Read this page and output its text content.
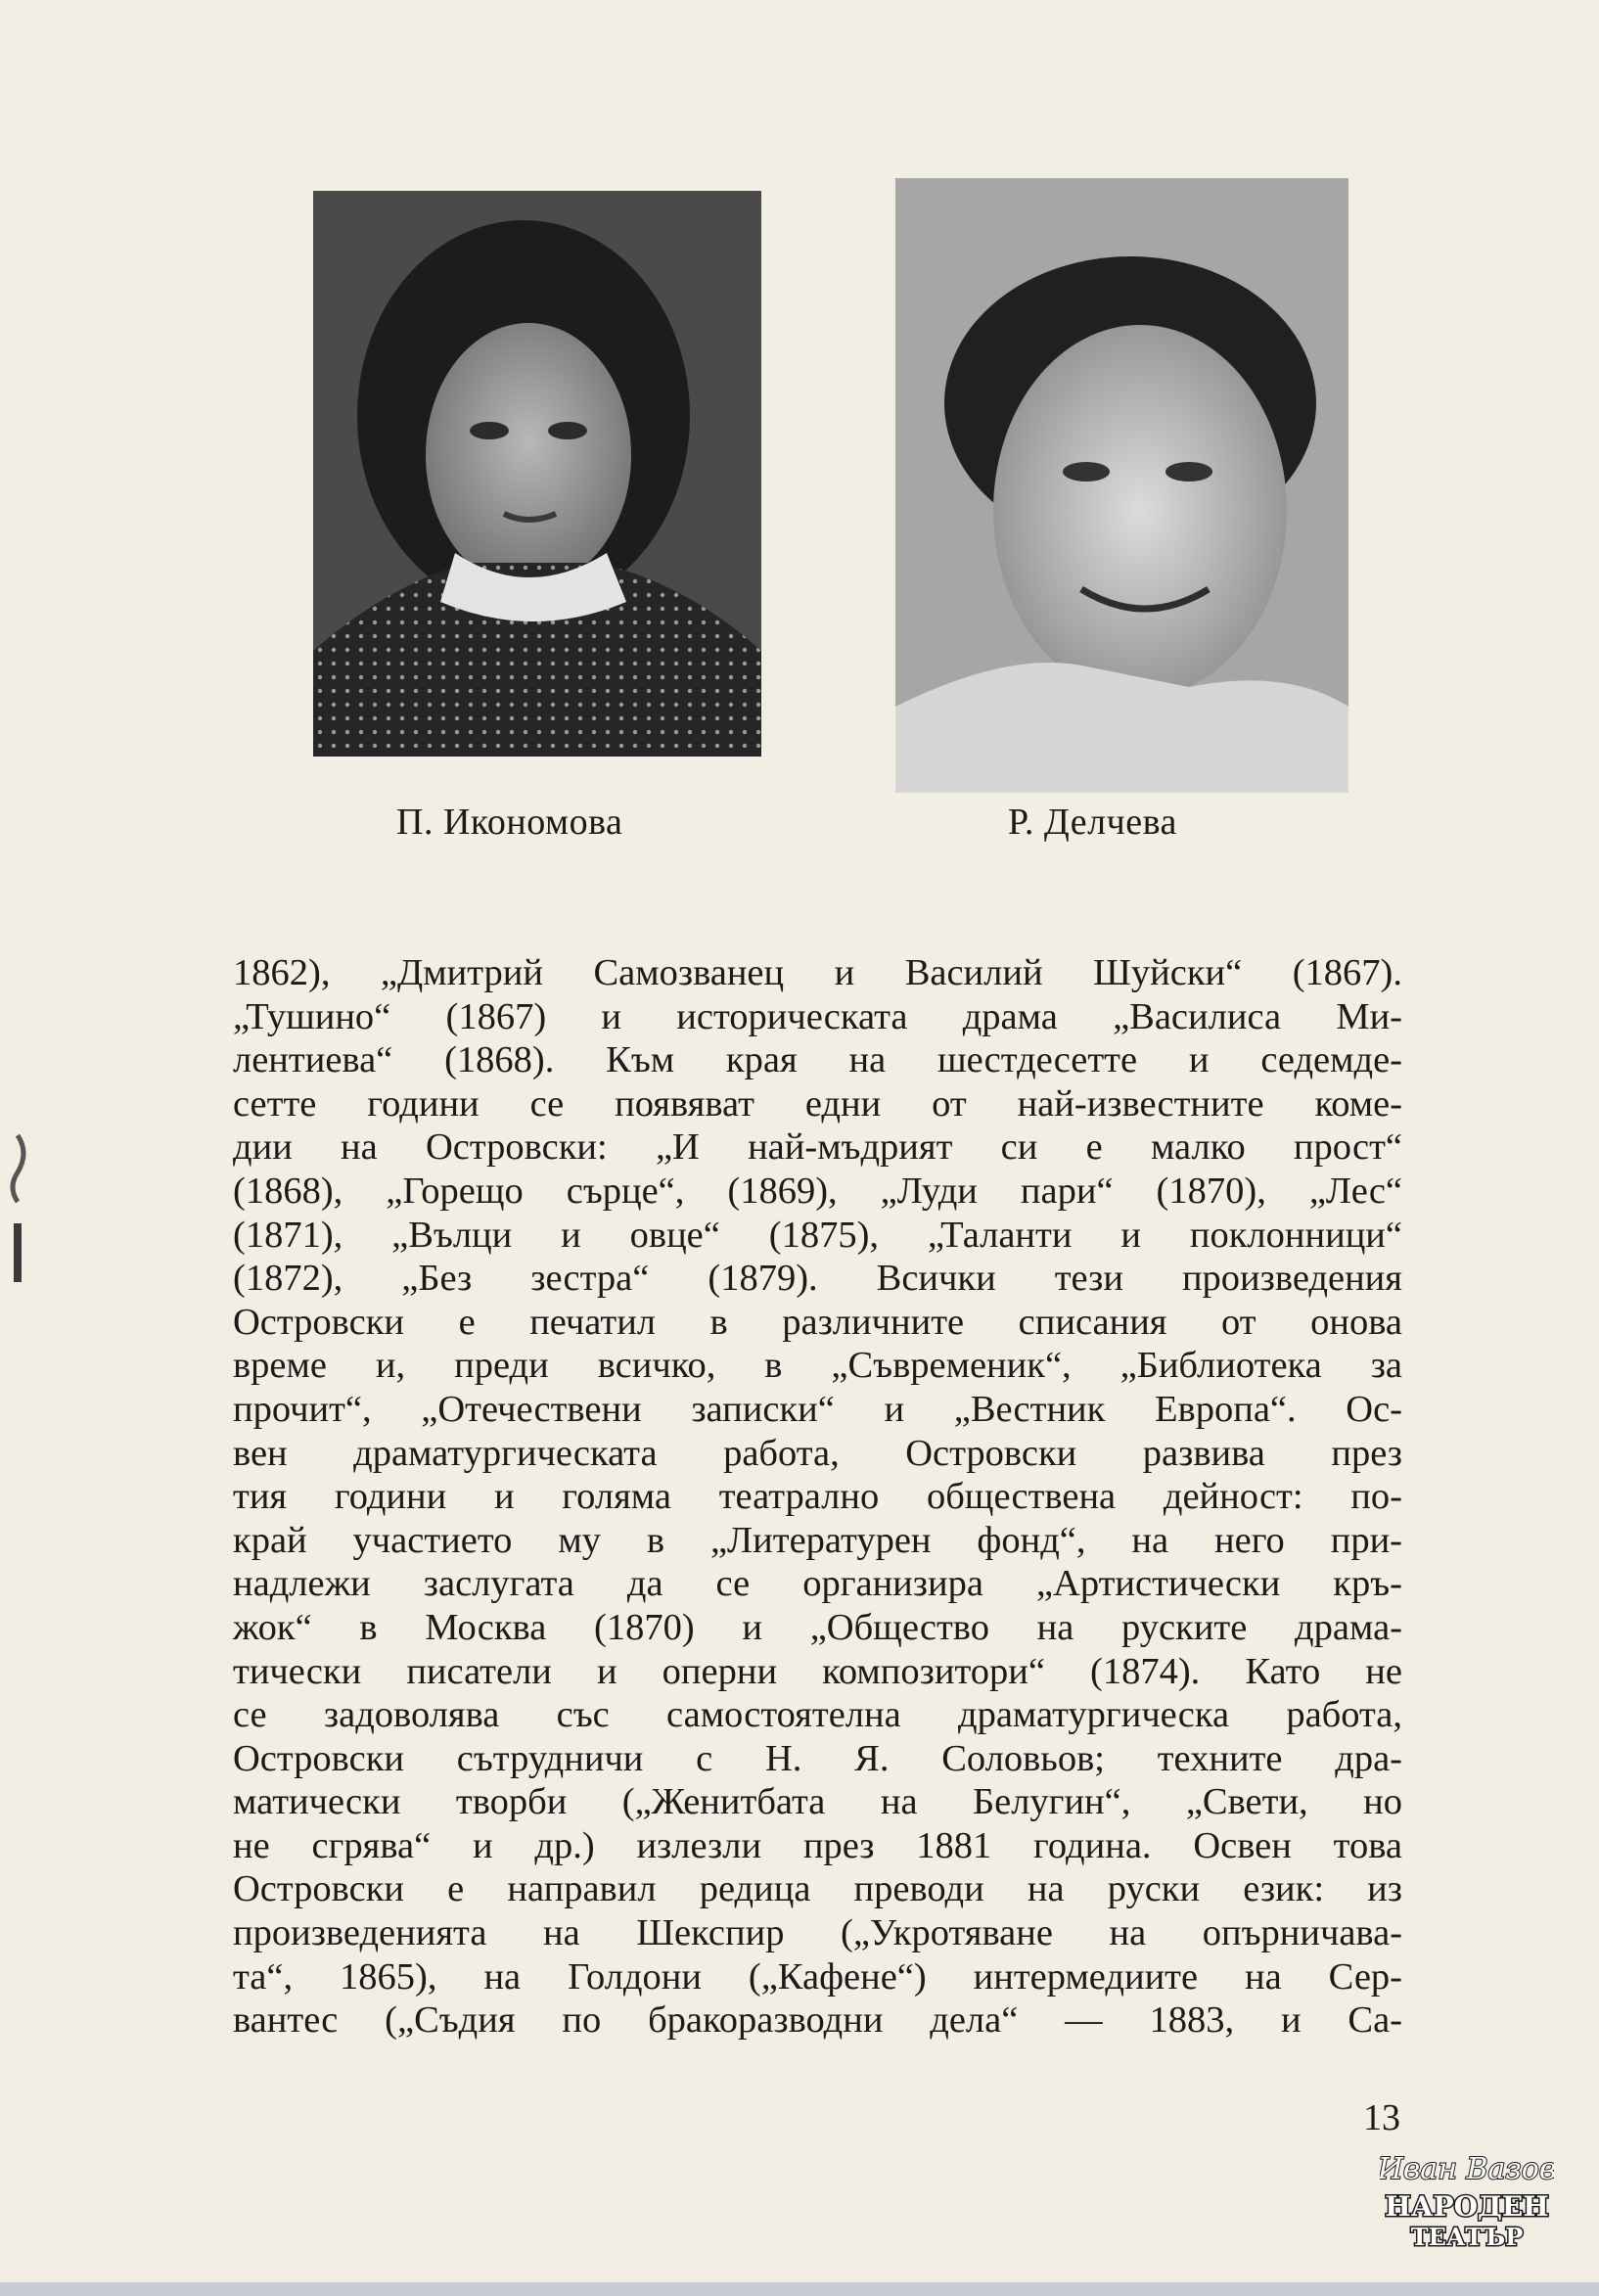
П. Икономова	Р. Делчева
1862), „Дмитрий Самозванец и Василий Шуйски“ (1867).
„Тушино“ (1867) и историческата драма „Василиса Ми-
лентиева“ (1868). Към края на шестдесетте и седемде-
сетте години се появяват едни от най-известните коме-
дии на Островски: „И най-мъдрият си е малко прост“
(1868), „Горещо сърце“, (1869), „Луди пари“ (1870), „Лес“
(1871), „Вълци и овце“ (1875), „Таланти и поклонници“
(1872), „Без зестра“ (1879). Всички тези произведения
Островски е печатил в различните списания от онова
време и, преди всичко, в „Съвременик“, „Библиотека за
прочит“, „Отечествени записки“ и „Вестник Европа“. Ос-
вен драматургическата работа, Островски развива през
тия години и голяма театрално обществена дейност: по-
край участието му в „Литературен фонд“, на него при-
надлежи заслугата да се организира „Артистически кръ-
жок“ в Москва (1870) и „Общество на руските драма-
тически писатели и оперни композитори“ (1874). Като не
се задоволява със самостоятелна драматургическа работа,
Островски сътрудничи с Н. Я. Соловьов; техните дра-
матически творби („Женитбата на Белугин“, „Свети, но
не сгрява“ и др.) излезли през 1881 година. Освен това
Островски е направил редица преводи на руски език: из
произведенията на Шекспир („Укротяване на опърничава-
та“, 1865), на Голдони („Кафене“) интермедиите на Сер-
вантес („Съдия по бракоразводни дела“ — 1883, и Са-
13
Иван Вазов
НАРОДЕН
ТЕАТЪР
